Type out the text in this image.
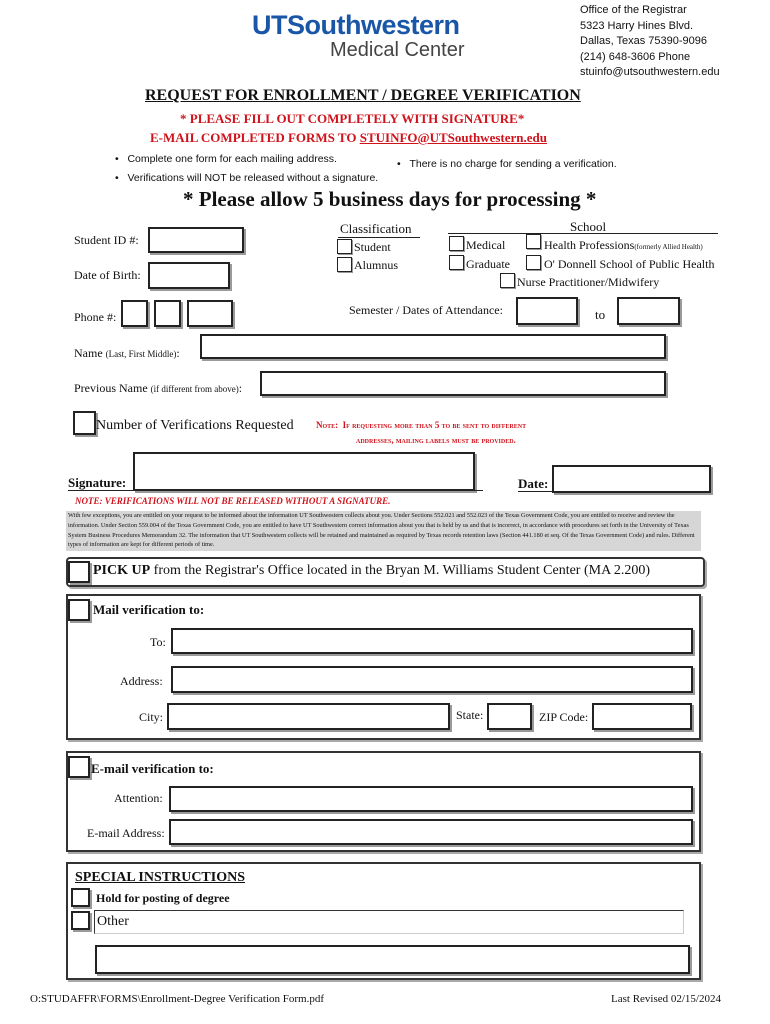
UTSouthwestern
Medical Center
Office of the Registrar
5323 Harry Hines Blvd.
Dallas, Texas 75390-9096
(214) 648-3606 Phone
stuinfo@utsouthwestern.edu
REQUEST FOR ENROLLMENT / DEGREE VERIFICATION
* PLEASE FILL OUT COMPLETELY WITH SIGNATURE*
E-MAIL COMPLETED FORMS TO STUINFO@UTSouthwestern.edu
•   Complete one form for each mailing address.
•   Verifications will NOT be released without a signature.
•   There is no charge for sending a verification.
* Please allow 5 business days for processing *
Student ID #:
Date of Birth:
Phone #:
Classification
Student
Alumnus
School
Medical
Graduate
Health Professions(formerly Allied Health)
O' Donnell School of Public Health
Nurse Practitioner/Midwifery
Semester / Dates of Attendance:	to
Name (Last, First Middle):
Previous Name (if different from above):
Number of Verifications Requested Note: If requesting more than 5 to be sent to different
addresses, mailing labels must be provided.
Signature:	Date:
NOTE: VERIFICATIONS WILL NOT BE RELEASED WITHOUT A SIGNATURE.
With few exceptions, you are entitled on your request to be informed about the information UT Southwestern collects about you. Under Sections 552.021 and 552.023 of the Texas Government Code, you are entitled to receive and review the information. Under Section 559.004 of the Texas Government Code, you are entitled to have UT Southwestern correct information about you that is held by us and that is incorrect, in accordance with procedures set forth in the University of Texas System Business Procedures Memorandum 32. The information that UT Southwestern collects will be retained and maintained as required by Texas records retention laws (Section 441.180 et seq. Of the Texas Government Code) and rules. Different types of information are kept for different periods of time.
PICK UP from the Registrar's Office located in the Bryan M. Williams Student Center (MA 2.200)
Mail verification to:
To:
Address:
City:	State:	ZIP Code:
E-mail verification to:
Attention:
E-mail Address:
SPECIAL INSTRUCTIONS
Hold for posting of degree
Other
O:STUDAFFR\FORMS\Enrollment-Degree Verification Form.pdf	Last Revised 02/15/2024
